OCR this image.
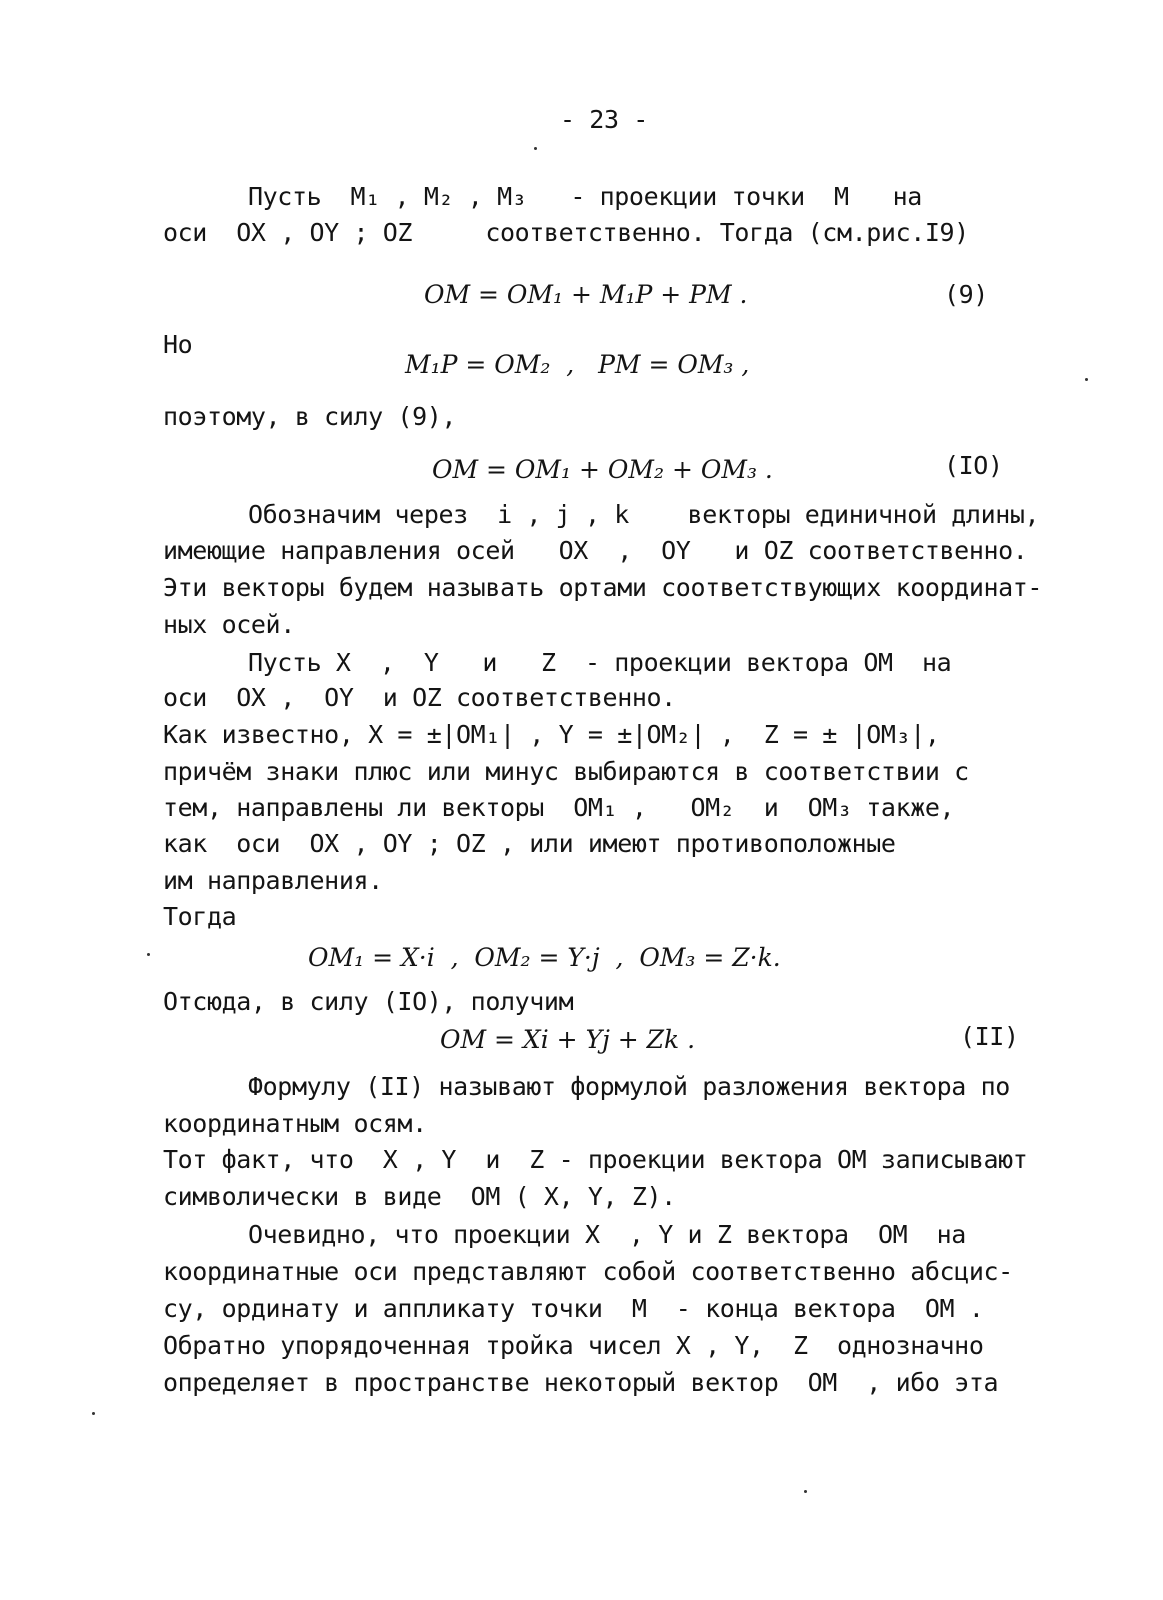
- 23 -
Пусть  M₁ , M₂ , M₃   - проекции точки  M   на
оси  OX , OY ; OZ     соответственно. Тогда (см.рис.I9)
OM = OM₁ + M₁P + PM .	(9)
Но
M₁P = OM₂  ,   PM = OM₃ ,
поэтому, в силу (9),
OM = OM₁ + OM₂ + OM₃ .	(IO)
Обозначим через  i , j , k    векторы единичной длины,
имеющие направления осей   OX  ,  OY   и OZ соответственно.
Эти векторы будем называть ортами соответствующих координат-
ных осей.
Пусть X  ,  Y   и   Z  - проекции вектора OM  на
оси  OX ,  OY  и OZ соответственно.
Как известно, X = ±|OM₁| , Y = ±|OM₂| ,  Z = ± |OM₃|,
причём знаки плюс или минус выбираются в соответствии с
тем, направлены ли векторы  OM₁ ,   OM₂  и  OM₃ также,
как  оси  OX , OY ; OZ , или имеют противоположные
им направления.
Тогда
OM₁ = X·i  ,  OM₂ = Y·j  ,  OM₃ = Z·k.
Отсюда, в силу (IO), получим
OM = Xi + Yj + Zk .	(II)
Формулу (II) называют формулой разложения вектора по
координатным осям.
Тот факт, что  X , Y  и  Z - проекции вектора OM записывают
символически в виде  OM ( X, Y, Z).
Очевидно, что проекции X  , Y и Z вектора  OM  на
координатные оси представляют собой соответственно абсцис-
су, ординату и аппликату точки  M  - конца вектора  OM .
Обратно упорядоченная тройка чисел X , Y,  Z  однозначно
определяет в пространстве некоторый вектор  OM  , ибо эта
